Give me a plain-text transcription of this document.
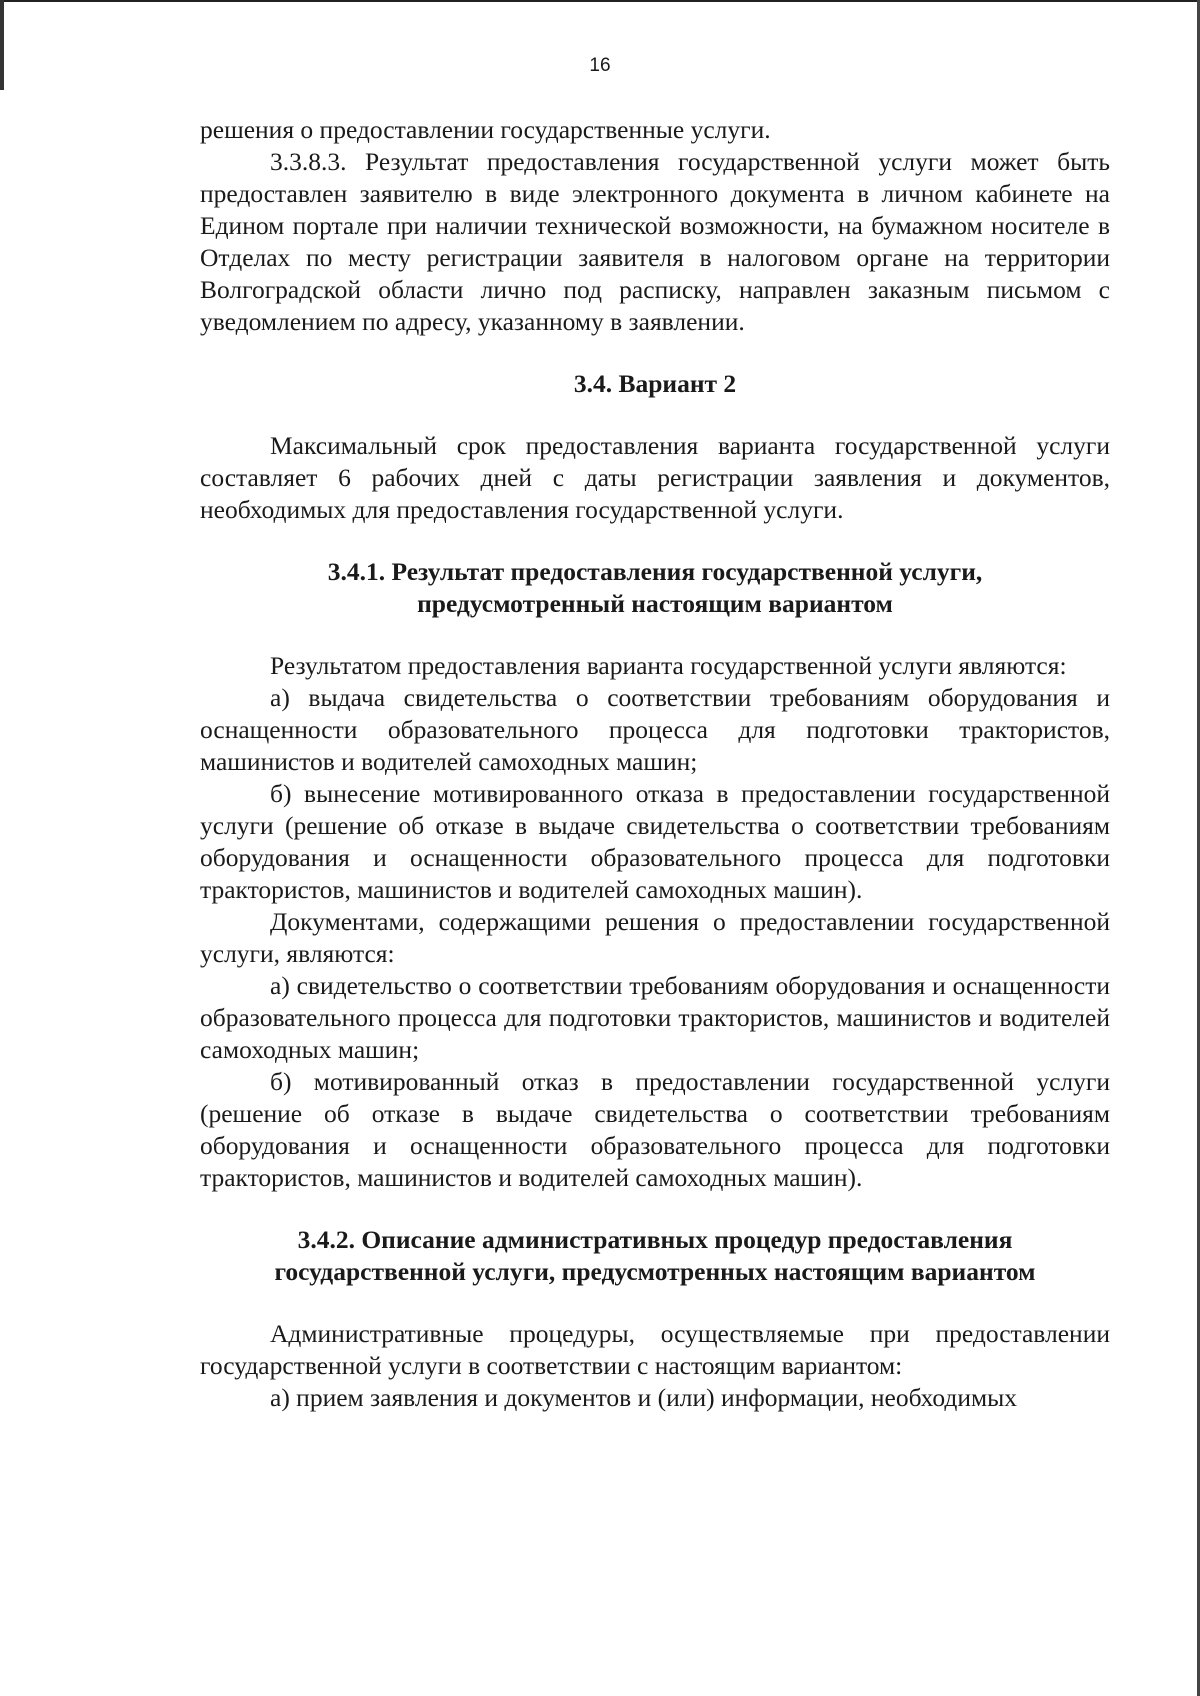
16

решения о предоставлении государственные услуги.

3.3.8.3. Результат предоставления государственной услуги может быть предоставлен заявителю в виде электронного документа в личном кабинете на Едином портале при наличии технической возможности, на бумажном носителе в Отделах по месту регистрации заявителя в налоговом органе на территории Волгоградской области лично под расписку, направлен заказным письмом с уведомлением по адресу, указанному в заявлении.

3.4. Вариант 2

Максимальный срок предоставления варианта государственной услуги составляет 6 рабочих дней с даты регистрации заявления и документов, необходимых для предоставления государственной услуги.

3.4.1. Результат предоставления государственной услуги,
предусмотренный настоящим вариантом

Результатом предоставления варианта государственной услуги являются:

а) выдача свидетельства о соответствии требованиям оборудования и оснащенности образовательного процесса для подготовки трактористов, машинистов и водителей самоходных машин;

б) вынесение мотивированного отказа в предоставлении государственной услуги (решение об отказе в выдаче свидетельства о соответствии требованиям оборудования и оснащенности образовательного процесса для подготовки трактористов, машинистов и водителей самоходных машин).

Документами, содержащими решения о предоставлении государственной услуги, являются:

а) свидетельство о соответствии требованиям оборудования и оснащенности образовательного процесса для подготовки трактористов, машинистов и водителей самоходных машин;

б) мотивированный отказ в предоставлении государственной услуги (решение об отказе в выдаче свидетельства о соответствии требованиям оборудования и оснащенности образовательного процесса для подготовки трактористов, машинистов и водителей самоходных машин).

3.4.2. Описание административных процедур предоставления
государственной услуги, предусмотренных настоящим вариантом

Административные процедуры, осуществляемые при предоставлении государственной услуги в соответствии с настоящим вариантом:

а) прием заявления и документов и (или) информации, необходимых
